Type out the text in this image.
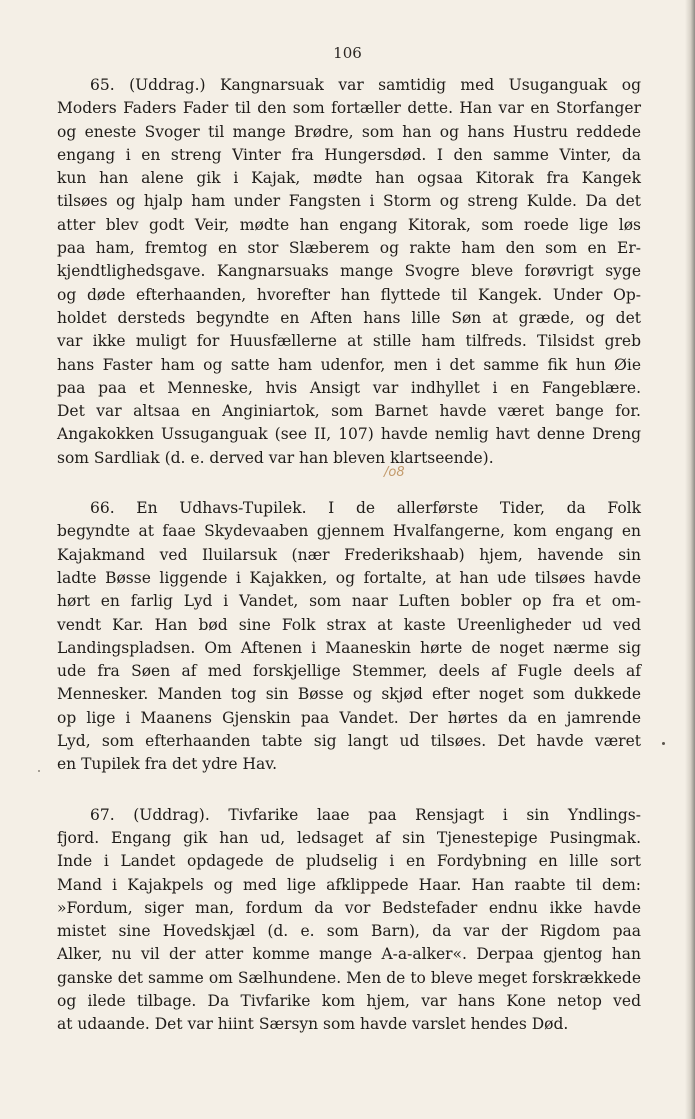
106
65. (Uddrag.) Kangnarsuak var samtidig med Usuganguak og
Moders Faders Fader til den som fortæller dette. Han var en Storfanger
og eneste Svoger til mange Brødre, som han og hans Hustru reddede
engang i en streng Vinter fra Hungersdød. I den samme Vinter, da
kun han alene gik i Kajak, mødte han ogsaa Kitorak fra Kangek
tilsøes og hjalp ham under Fangsten i Storm og streng Kulde. Da det
atter blev godt Veir, mødte han engang Kitorak, som roede lige løs
paa ham, fremtog en stor Slæberem og rakte ham den som en Er-
kjendtlighedsgave. Kangnarsuaks mange Svogre bleve forøvrigt syge
og døde efterhaanden, hvorefter han flyttede til Kangek. Under Op-
holdet dersteds begyndte en Aften hans lille Søn at græde, og det
var ikke muligt for Huusfællerne at stille ham tilfreds. Tilsidst greb
hans Faster ham og satte ham udenfor, men i det samme fik hun Øie
paa paa et Menneske, hvis Ansigt var indhyllet i en Fangeblære.
Det var altsaa en Anginiartok, som Barnet havde været bange for.
Angakokken Ussuganguak (see II, 107) havde nemlig havt denne Dreng
som Sardliak (d. e. derved var han bleven klartseende).
66. En Udhavs-Tupilek. I de allerførste Tider, da Folk
begyndte at faae Skydevaaben gjennem Hvalfangerne, kom engang en
Kajakmand ved Iluilarsuk (nær Frederikshaab) hjem, havende sin
ladte Bøsse liggende i Kajakken, og fortalte, at han ude tilsøes havde
hørt en farlig Lyd i Vandet, som naar Luften bobler op fra et om-
vendt Kar. Han bød sine Folk strax at kaste Ureenligheder ud ved
Landingspladsen. Om Aftenen i Maaneskin hørte de noget nærme sig
ude fra Søen af med forskjellige Stemmer, deels af Fugle deels af
Mennesker. Manden tog sin Bøsse og skjød efter noget som dukkede
op lige i Maanens Gjenskin paa Vandet. Der hørtes da en jamrende
Lyd, som efterhaanden tabte sig langt ud tilsøes. Det havde været
en Tupilek fra det ydre Hav.
67. (Uddrag). Tivfarike laae paa Rensjagt i sin Yndlings-
fjord. Engang gik han ud, ledsaget af sin Tjenestepige Pusingmak.
Inde i Landet opdagede de pludselig i en Fordybning en lille sort
Mand i Kajakpels og med lige afklippede Haar. Han raabte til dem:
»Fordum, siger man, fordum da vor Bedstefader endnu ikke havde
mistet sine Hovedskjæl (d. e. som Barn), da var der Rigdom paa
Alker, nu vil der atter komme mange A-a-alker«. Derpaa gjentog han
ganske det samme om Sælhundene. Men de to bleve meget forskrækkede
og ilede tilbage. Da Tivfarike kom hjem, var hans Kone netop ved
at udaande. Det var hiint Særsyn som havde varslet hendes Død.
/o8
